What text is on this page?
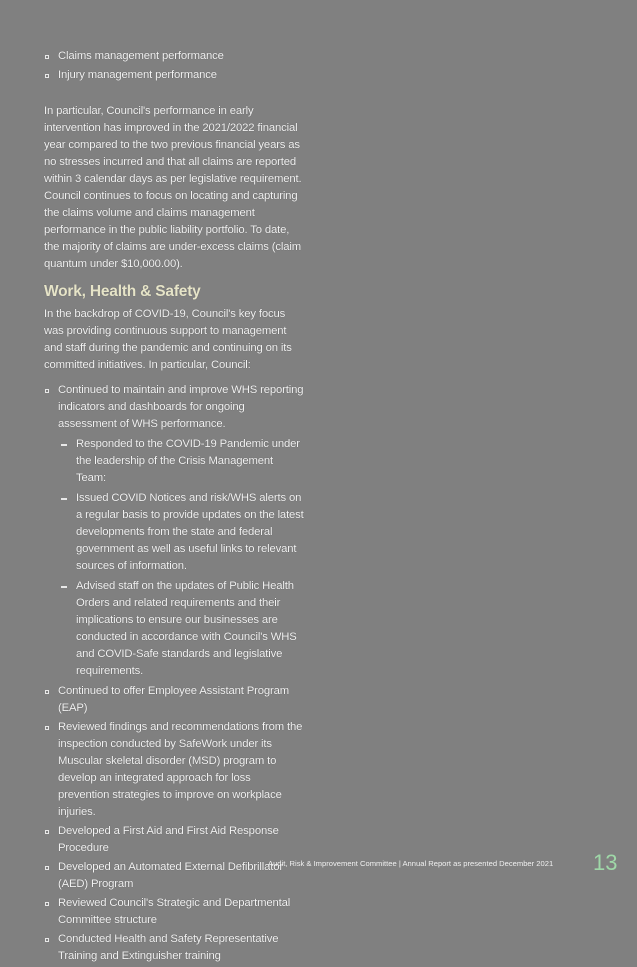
Claims management performance
Injury management performance

In particular, Council's performance in early intervention has improved in the 2021/2022 financial year compared to the two previous financial years as no stresses incurred and that all claims are reported within 3 calendar days as per legislative requirement. Council continues to focus on locating and capturing the claims volume and claims management performance in the public liability portfolio. To date, the majority of claims are under-excess claims (claim quantum under $10,000.00).

Work, Health & Safety

In the backdrop of COVID-19, Council's key focus was providing continuous support to management and staff during the pandemic and continuing on its committed initiatives. In particular, Council:

Continued to maintain and improve WHS reporting indicators and dashboards for ongoing assessment of WHS performance.
Responded to the COVID-19 Pandemic under the leadership of the Crisis Management Team:
Issued COVID Notices and risk/WHS alerts on a regular basis to provide updates on the latest developments from the state and federal government as well as useful links to relevant sources of information.
Advised staff on the updates of Public Health Orders and related requirements and their implications to ensure our businesses are conducted in accordance with Council's WHS and COVID-Safe standards and legislative requirements.
Continued to offer Employee Assistant Program (EAP)
Reviewed findings and recommendations from the inspection conducted by SafeWork under its Muscular skeletal disorder (MSD) program to develop an integrated approach for loss prevention strategies to improve on workplace injuries.
Developed a First Aid and First Aid Response Procedure
Developed an Automated External Defibrillator (AED) Program
Reviewed Council's Strategic and Departmental Committee structure
Conducted Health and Safety Representative Training and Extinguisher training
Audit, Risk & Improvement Committee | Annual Report as presented December 2021 13
